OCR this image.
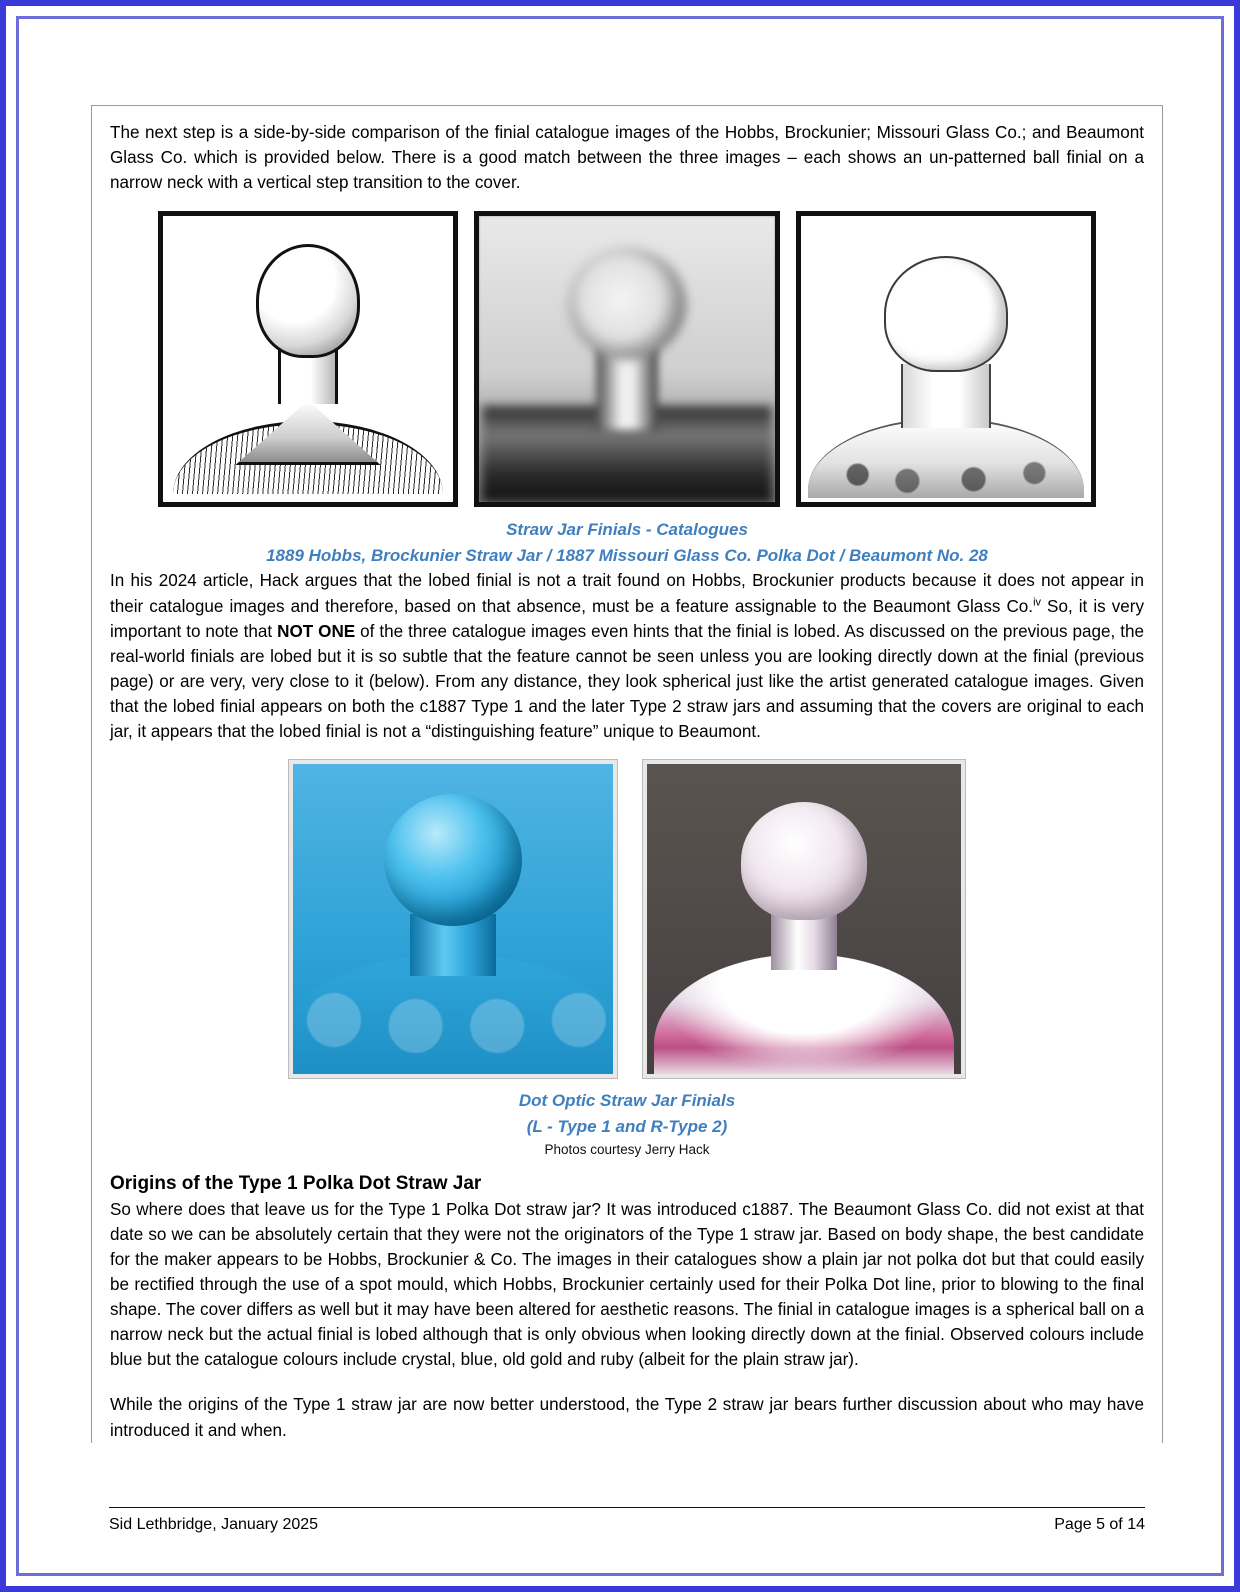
The next step is a side-by-side comparison of the finial catalogue images of the Hobbs, Brockunier; Missouri Glass Co.; and Beaumont Glass Co. which is provided below. There is a good match between the three images – each shows an un-patterned ball finial on a narrow neck with a vertical step transition to the cover.

Straw Jar Finials - Catalogues
1889 Hobbs, Brockunier Straw Jar / 1887 Missouri Glass Co. Polka Dot / Beaumont No. 28

In his 2024 article, Hack argues that the lobed finial is not a trait found on Hobbs, Brockunier products because it does not appear in their catalogue images and therefore, based on that absence, must be a feature assignable to the Beaumont Glass Co.$^{iv}$ So, it is very important to note that NOT ONE of the three catalogue images even hints that the finial is lobed. As discussed on the previous page, the real-world finials are lobed but it is so subtle that the feature cannot be seen unless you are looking directly down at the finial (previous page) or are very, very close to it (below). From any distance, they look spherical just like the artist generated catalogue images. Given that the lobed finial appears on both the c1887 Type 1 and the later Type 2 straw jars and assuming that the covers are original to each jar, it appears that the lobed finial is not a “distinguishing feature” unique to Beaumont.

Dot Optic Straw Jar Finials
(L - Type 1 and R-Type 2)
Photos courtesy Jerry Hack
Origins of the Type 1 Polka Dot Straw Jar

So where does that leave us for the Type 1 Polka Dot straw jar? It was introduced c1887. The Beaumont Glass Co. did not exist at that date so we can be absolutely certain that they were not the originators of the Type 1 straw jar. Based on body shape, the best candidate for the maker appears to be Hobbs, Brockunier & Co. The images in their catalogues show a plain jar not polka dot but that could easily be rectified through the use of a spot mould, which Hobbs, Brockunier certainly used for their Polka Dot line, prior to blowing to the final shape. The cover differs as well but it may have been altered for aesthetic reasons. The finial in catalogue images is a spherical ball on a narrow neck but the actual finial is lobed although that is only obvious when looking directly down at the finial. Observed colours include blue but the catalogue colours include crystal, blue, old gold and ruby (albeit for the plain straw jar).

While the origins of the Type 1 straw jar are now better understood, the Type 2 straw jar bears further discussion about who may have introduced it and when.

Sid Lethbridge, January 2025	Page 5 of 14
